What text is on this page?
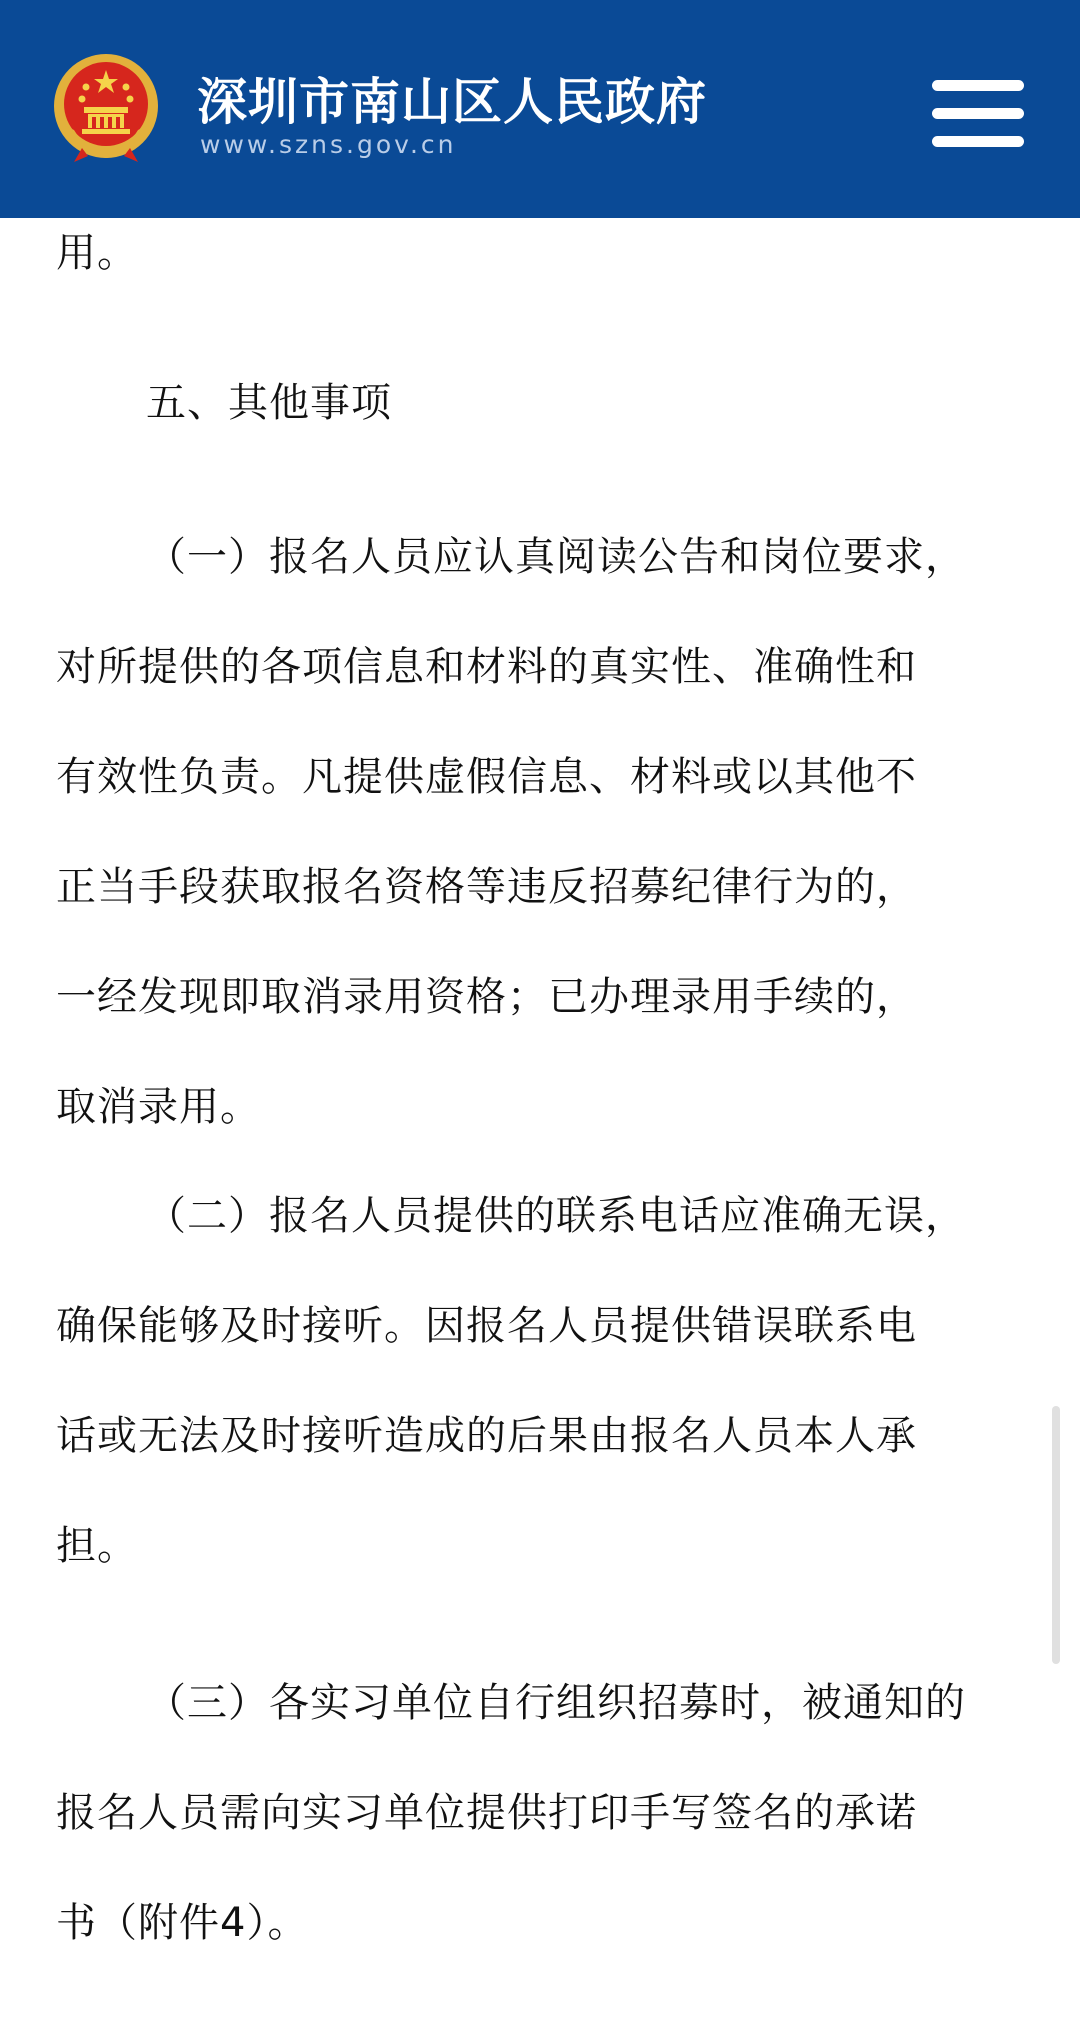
深圳市南山区人民政府
www.szns.gov.cn
用。
五、其他事项
（一）报名人员应认真阅读公告和岗位要求，
对所提供的各项信息和材料的真实性、准确性和
有效性负责。凡提供虚假信息、材料或以其他不
正当手段获取报名资格等违反招募纪律行为的，
一经发现即取消录用资格；已办理录用手续的，
取消录用。
（二）报名人员提供的联系电话应准确无误，
确保能够及时接听。因报名人员提供错误联系电
话或无法及时接听造成的后果由报名人员本人承
担。
（三）各实习单位自行组织招募时，被通知的
报名人员需向实习单位提供打印手写签名的承诺
书（附件4）。
